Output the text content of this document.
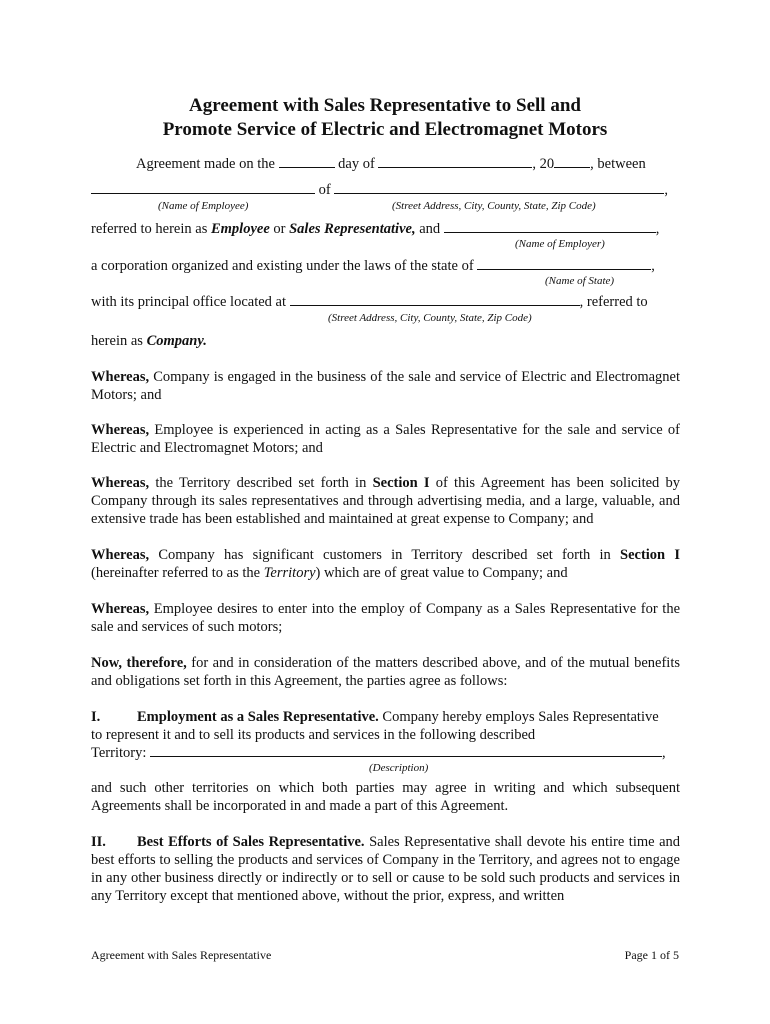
Agreement with Sales Representative to Sell and
Promote Service of Electric and Electromagnet Motors
Agreement made on the	day of	, 20 , between
of	,
(Name of Employee)	(Street Address, City, County, State, Zip Code)
referred to herein as Employee or Sales Representative, and	,
(Name of Employer)
a corporation organized and existing under the laws of the state of	,
(Name of State)
with its principal office located at	, referred to
(Street Address, City, County, State, Zip Code)
herein as Company.
Whereas, Company is engaged in the business of the sale and service of Electric and Electromagnet Motors; and
Whereas, Employee is experienced in acting as a Sales Representative for the sale and service of Electric and Electromagnet Motors; and
Whereas, the Territory described set forth in Section I of this Agreement has been solicited by Company through its sales representatives and through advertising media, and a large, valuable, and extensive trade has been established and maintained at great expense to Company; and
Whereas, Company has significant customers in Territory described set forth in Section I (hereinafter referred to as the Territory) which are of great value to Company; and
Whereas, Employee desires to enter into the employ of Company as a Sales Representative for the sale and services of such motors;
Now, therefore, for and in consideration of the matters described above, and of the mutual benefits and obligations set forth in this Agreement, the parties agree as follows:
I.	Employment as a Sales Representative. Company hereby employs Sales Representative
to represent it and to sell its products and services in the following described
Territory:	,
(Description)
and such other territories on which both parties may agree in writing and which subsequent Agreements shall be incorporated in and made a part of this Agreement.
II. Best Efforts of Sales Representative. Sales Representative shall devote his entire time and best efforts to selling the products and services of Company in the Territory, and agrees not to engage in any other business directly or indirectly or to sell or cause to be sold such products and services in any Territory except that mentioned above, without the prior, express, and written
Agreement with Sales Representative	Page 1 of 5
